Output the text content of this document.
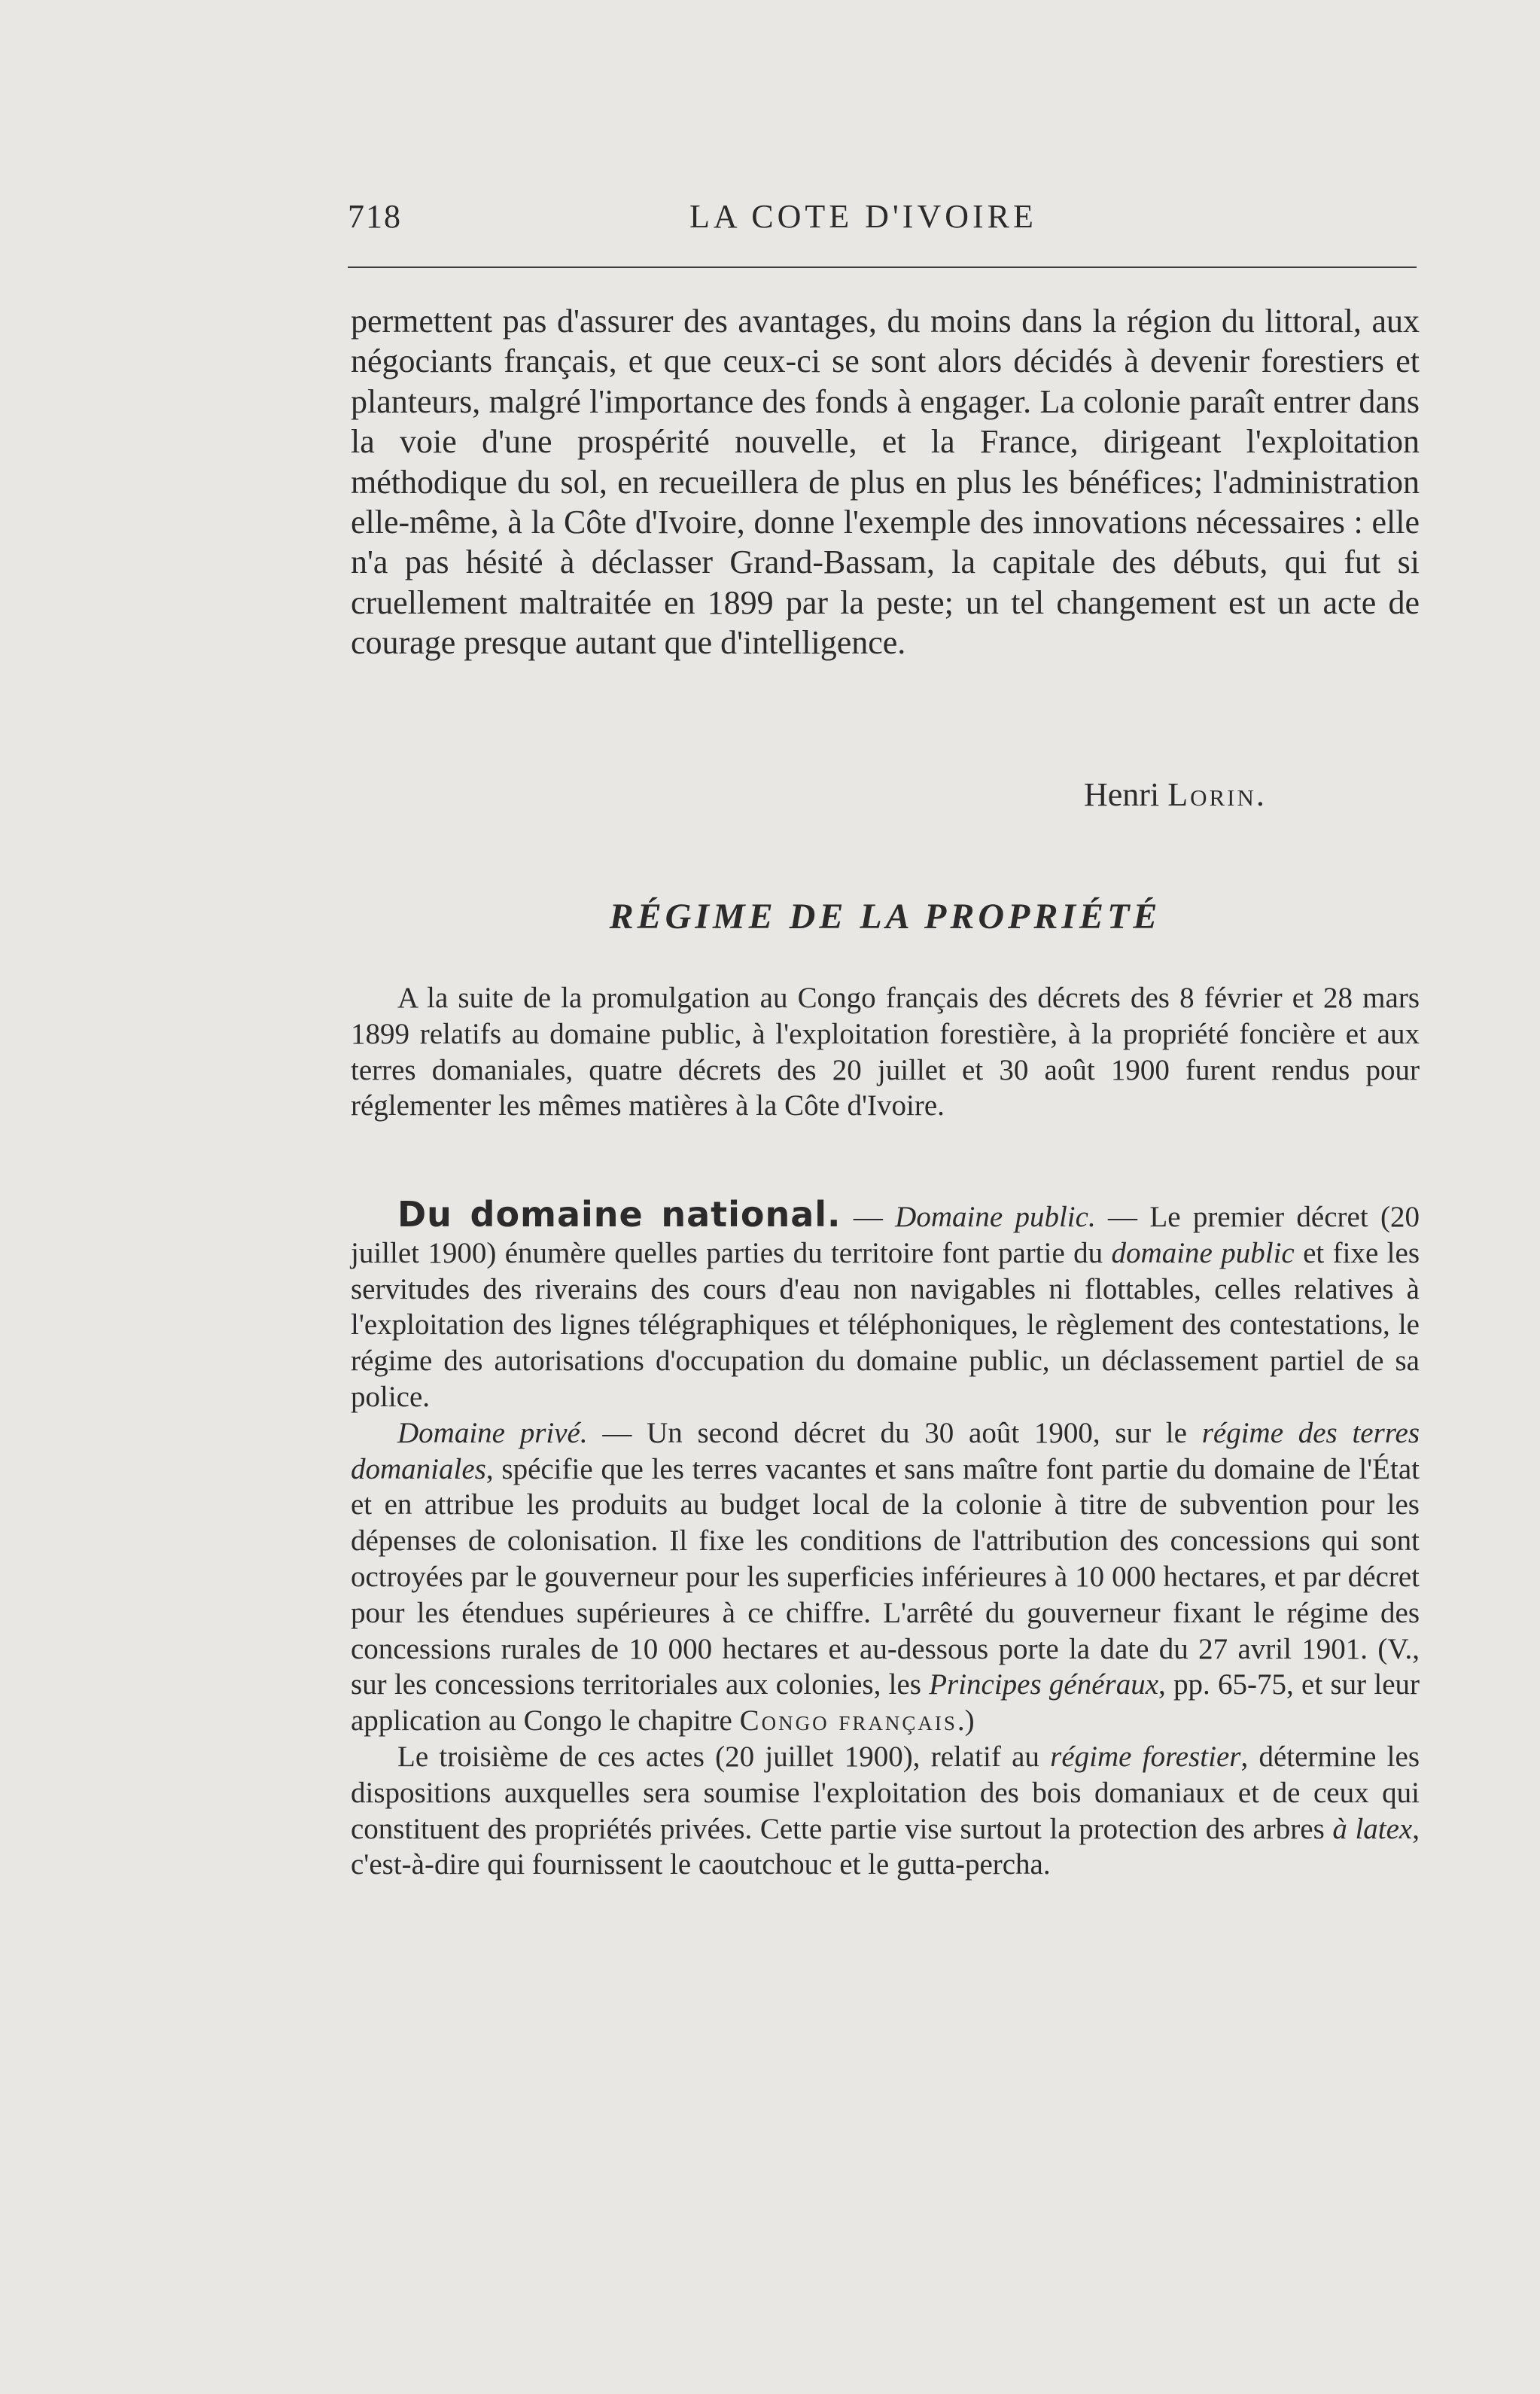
718	LA COTE D'IVOIRE

permettent pas d'assurer des avantages, du moins dans la région du littoral, aux négociants français, et que ceux-ci se sont alors décidés à devenir forestiers et planteurs, malgré l'importance des fonds à engager. La colonie paraît entrer dans la voie d'une prospérité nouvelle, et la France, dirigeant l'exploitation méthodique du sol, en recueillera de plus en plus les bénéfices; l'administration elle-même, à la Côte d'Ivoire, donne l'exemple des innovations nécessaires : elle n'a pas hésité à déclasser Grand-Bassam, la capitale des débuts, qui fut si cruellement maltraitée en 1899 par la peste; un tel changement est un acte de courage presque autant que d'intelligence.

Henri Lorin.
RÉGIME DE LA PROPRIÉTÉ

A la suite de la promulgation au Congo français des décrets des 8 février et 28 mars 1899 relatifs au domaine public, à l'exploitation forestière, à la propriété foncière et aux terres domaniales, quatre décrets des 20 juillet et 30 août 1900 furent rendus pour réglementer les mêmes matières à la Côte d'Ivoire.

Du domaine national. — Domaine public. — Le premier décret (20 juillet 1900) énumère quelles parties du territoire font partie du domaine public et fixe les servitudes des riverains des cours d'eau non navigables ni flottables, celles relatives à l'exploitation des lignes télégraphiques et téléphoniques, le règlement des contestations, le régime des autorisations d'occupation du domaine public, un déclassement partiel de sa police.

Domaine privé. — Un second décret du 30 août 1900, sur le régime des terres domaniales, spécifie que les terres vacantes et sans maître font partie du domaine de l'État et en attribue les produits au budget local de la colonie à titre de subvention pour les dépenses de colonisation. Il fixe les conditions de l'attribution des concessions qui sont octroyées par le gouverneur pour les superficies inférieures à 10 000 hectares, et par décret pour les étendues supérieures à ce chiffre. L'arrêté du gouverneur fixant le régime des concessions rurales de 10 000 hectares et au-dessous porte la date du 27 avril 1901. (V., sur les concessions territoriales aux colonies, les Principes généraux, pp. 65-75, et sur leur application au Congo le chapitre Congo français.)

Le troisième de ces actes (20 juillet 1900), relatif au régime forestier, détermine les dispositions auxquelles sera soumise l'exploitation des bois domaniaux et de ceux qui constituent des propriétés privées. Cette partie vise surtout la protection des arbres à latex, c'est-à-dire qui fournissent le caoutchouc et le gutta-percha.
